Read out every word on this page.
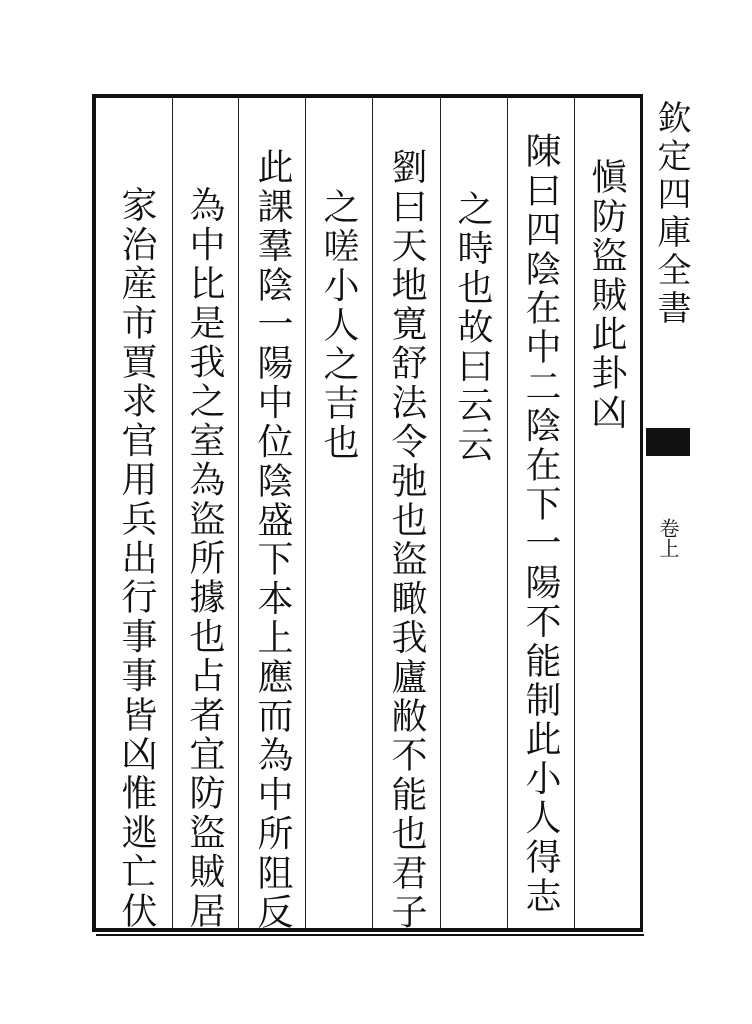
欽定四庫全書
卷上
愼防盜賊此卦凶
陳曰四陰在中二陰在下一陽不能制此小人得志
之時也故曰云云
劉曰天地寛舒法令弛也盜瞰我廬敝不能也君子
之嗟小人之吉也
此課羣陰一陽中位陰盛下本上應而為中所阻反
為中比是我之室為盜所據也占者宜防盜賊居
家治産市賈求官用兵出行事事皆凶惟逃亡伏
